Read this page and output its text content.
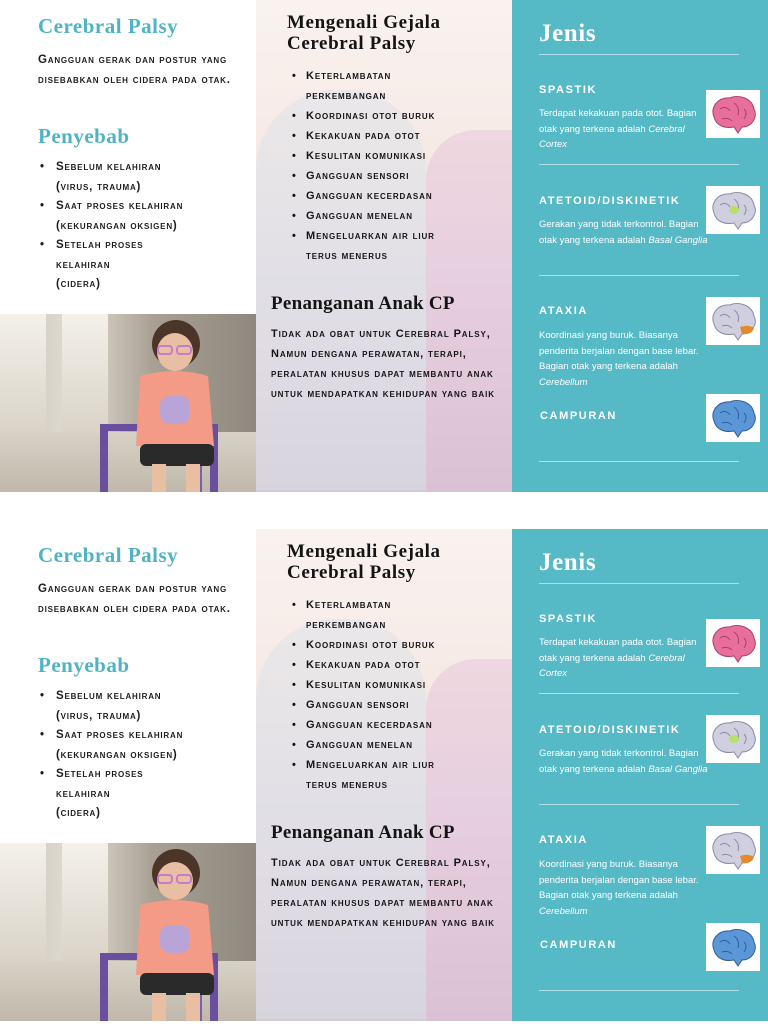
Cerebral Palsy
Gangguan gerak dan postur yang disebabkan oleh cidera pada otak.
Penyebab
• Sebelum kelahiran
(virus, trauma)
• Saat proses kelahiran
(kekurangan oksigen)
• Setelah proses
kelahiran
(cidera)
Mengenali Gejala Cerebral Palsy
• Keterlambatan
perkembangan
• Koordinasi otot buruk
• Kekakuan pada otot
• Kesulitan komunikasi
• Gangguan sensori
• Gangguan kecerdasan
• Gangguan menelan
• Mengeluarkan air liur
terus menerus
Penanganan Anak CP
Tidak ada obat untuk Cerebral Palsy, Namun dengana perawatan, terapi, peralatan khusus dapat membantu anak untuk mendapatkan kehidupan yang baik
Jenis
SPASTIK
Terdapat kekakuan pada otot. Bagian otak yang terkena adalah Cerebral Cortex
ATETOID/DISKINETIK
Gerakan yang tidak terkontrol. Bagian otak yang terkena adalah Basal Ganglia
ATAXIA
Koordinasi yang buruk. Biasanya penderita berjalan dengan base lebar. Bagian otak yang terkena adalah Cerebellum
CAMPURAN
Cerebral Palsy
Gangguan gerak dan postur yang disebabkan oleh cidera pada otak.
Penyebab
• Sebelum kelahiran
(virus, trauma)
• Saat proses kelahiran
(kekurangan oksigen)
• Setelah proses
kelahiran
(cidera)
Mengenali Gejala Cerebral Palsy
• Keterlambatan
perkembangan
• Koordinasi otot buruk
• Kekakuan pada otot
• Kesulitan komunikasi
• Gangguan sensori
• Gangguan kecerdasan
• Gangguan menelan
• Mengeluarkan air liur
terus menerus
Penanganan Anak CP
Tidak ada obat untuk Cerebral Palsy, Namun dengana perawatan, terapi, peralatan khusus dapat membantu anak untuk mendapatkan kehidupan yang baik
Jenis
SPASTIK
Terdapat kekakuan pada otot. Bagian otak yang terkena adalah Cerebral Cortex
ATETOID/DISKINETIK
Gerakan yang tidak terkontrol. Bagian otak yang terkena adalah Basal Ganglia
ATAXIA
Koordinasi yang buruk. Biasanya penderita berjalan dengan base lebar. Bagian otak yang terkena adalah Cerebellum
CAMPURAN
